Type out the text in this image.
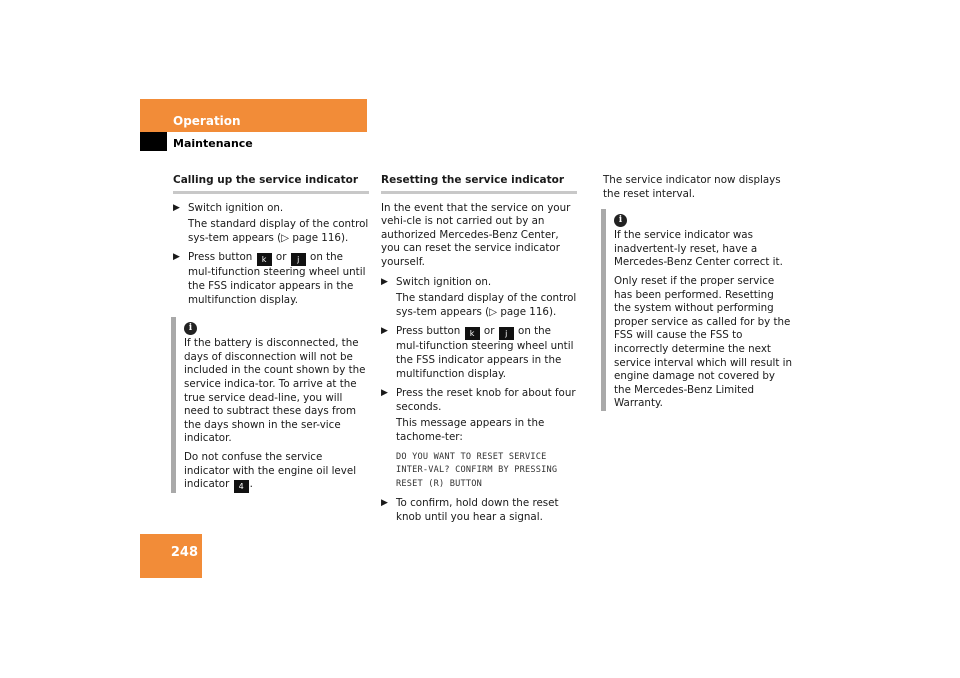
Operation
Maintenance
Calling up the service indicator
▶ Switch ignition on.
The standard display of the control sys-tem appears (▷ page 116).
▶ Press button k or j on the mul-tifunction steering wheel until the FSS indicator appears in the multifunction display.
i

If the battery is disconnected, the days of disconnection will not be included in the count shown by the service indica-tor. To arrive at the true service dead-line, you will need to subtract these days from the days shown in the ser-vice indicator.

Do not confuse the service indicator with the engine oil level indicator 4 .

Resetting the service indicator

In the event that the service on your vehi-cle is not carried out by an authorized Mercedes-Benz Center, you can reset the service indicator yourself.

▶ Switch ignition on.
The standard display of the control sys-tem appears (▷ page 116).
▶ Press button k or j on the mul-tifunction steering wheel until the FSS indicator appears in the multifunction display.
▶ Press the reset knob for about four seconds.
This message appears in the tachome-ter:
DO YOU WANT TO RESET SERVICE INTER-VAL? CONFIRM BY PRESSING RESET (R) BUTTON
▶ To confirm, hold down the reset knob until you hear a signal.

The service indicator now displays the reset interval.

i

If the service indicator was inadvertent-ly reset, have a Mercedes-Benz Center correct it.

Only reset if the proper service has been performed. Resetting the system without performing proper service as called for by the FSS will cause the FSS to incorrectly determine the next service interval which will result in engine damage not covered by the Mercedes-Benz Limited Warranty.

248
